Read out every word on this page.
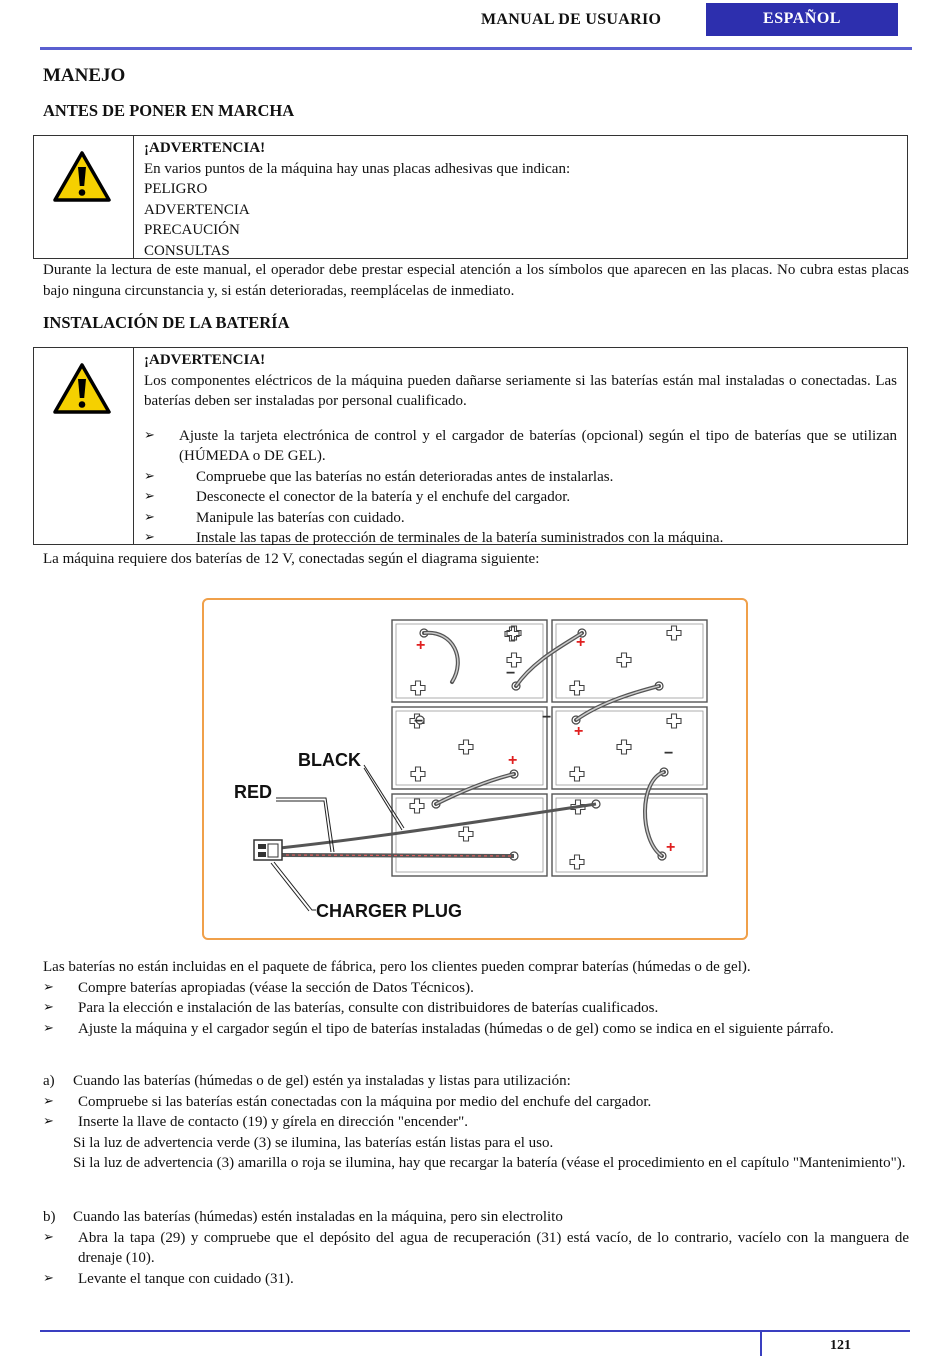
MANUAL DE USUARIO	ESPAÑOL
MANEJO
ANTES DE PONER EN MARCHA
¡ADVERTENCIA!
En varios puntos de la máquina hay unas placas adhesivas que indican:
PELIGRO
ADVERTENCIA
PRECAUCIÓN
CONSULTAS
Durante la lectura de este manual, el operador debe prestar especial atención a los símbolos que aparecen en las placas. No cubra estas placas bajo ninguna circunstancia y, si están deterioradas, reemplácelas de inmediato.
INSTALACIÓN DE LA BATERÍA
¡ADVERTENCIA!
Los componentes eléctricos de la máquina pueden dañarse seriamente si las baterías están mal instaladas o conectadas. Las baterías deben ser instaladas por personal cualificado.
➢ Ajuste la tarjeta electrónica de control y el cargador de baterías (opcional) según el tipo de baterías que se utilizan (HÚMEDA o DE GEL).
➢ Compruebe que las baterías no están deterioradas antes de instalarlas.
➢ Desconecte el conector de la batería y el enchufe del cargador.
➢ Manipule las baterías con cuidado.
➢ Instale las tapas de protección de terminales de la batería suministrados con la máquina.
La máquina requiere dos baterías de 12 V, conectadas según el diagrama siguiente:
+	+
+
+
+
−
−
−
−
BLACK
RED
CHARGER PLUG
Las baterías no están incluidas en el paquete de fábrica, pero los clientes pueden comprar baterías (húmedas o de gel).
➢ Compre baterías apropiadas (véase la sección de Datos Técnicos).
➢ Para la elección e instalación de las baterías, consulte con distribuidores de baterías cualificados.
➢ Ajuste la máquina y el cargador según el tipo de baterías instaladas (húmedas o de gel) como se indica en el siguiente párrafo.
a) Cuando las baterías (húmedas o de gel) estén ya instaladas y listas para utilización:
➢ Compruebe si las baterías están conectadas con la máquina por medio del enchufe del cargador.
➢ Inserte la llave de contacto (19) y gírela en dirección "encender".
Si la luz de advertencia verde (3) se ilumina, las baterías están listas para el uso.
Si la luz de advertencia (3) amarilla o roja se ilumina, hay que recargar la batería (véase el procedimiento en el capítulo "Mantenimiento").
b) Cuando las baterías (húmedas) estén instaladas en la máquina, pero sin electrolito
➢ Abra la tapa (29) y compruebe que el depósito del agua de recuperación (31) está vacío, de lo contrario, vacíelo con la manguera de drenaje (10).
➢ Levante el tanque con cuidado (31).
121
